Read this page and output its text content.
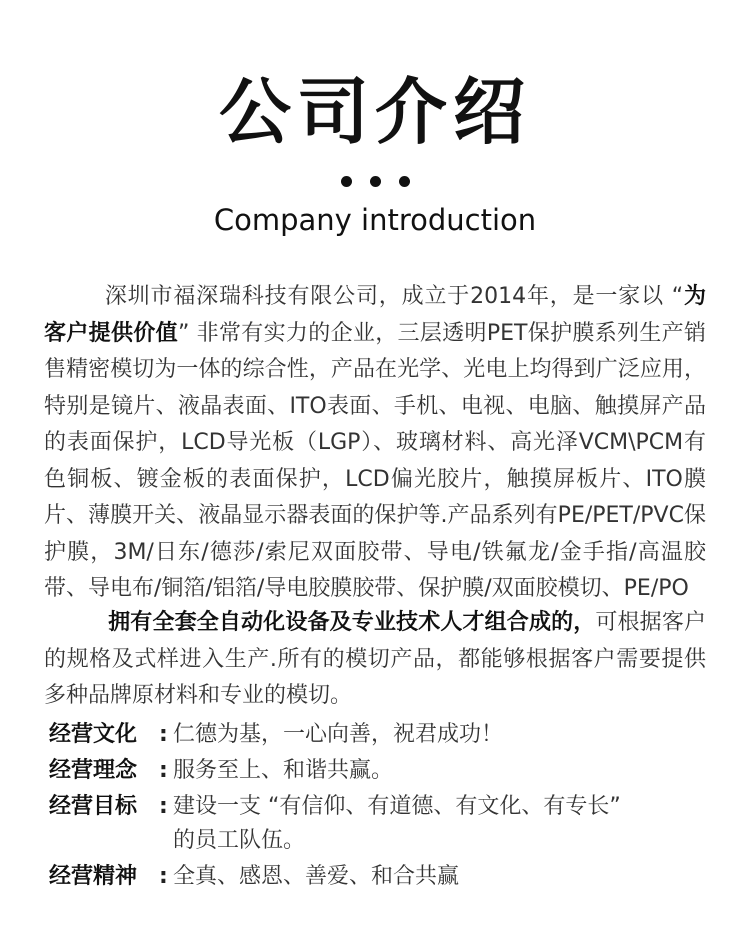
公司介绍
Company introduction
深圳市福深瑞科技有限公司，成立于2014年，是一家以 “为客户提供价值” 非常有实力的企业，三层透明PET保护膜系列生产销售精密模切为一体的综合性，产品在光学、光电上均得到广泛应用，特别是镜片、液晶表面、ITO表面、手机、电视、电脑、触摸屏产品的表面保护，LCD导光板（LGP）、玻璃材料、高光泽VCM\PCM有色铜板、镀金板的表面保护，LCD偏光胶片，触摸屏板片、ITO膜片、薄膜开关、液晶显示器表面的保护等.产品系列有PE/PET/PVC保护膜，3M/日东/德莎/索尼双面胶带、导电/铁氟龙/金手指/高温胶带、导电布/铜箔/铝箔/导电胶膜胶带、保护膜/双面胶模切、PE/PO
拥有全套全自动化设备及专业技术人才组合成的，可根据客户的规格及式样进入生产.所有的模切产品，都能够根据客户需要提供多种品牌原材料和专业的模切。
经营文化 : 仁德为基，一心向善，祝君成功！
经营理念 : 服务至上、和谐共赢。
经营目标 : 建设一支 “有信仰、有道德、有文化、有专长”
的员工队伍。
经营精神 : 全真、感恩、善爱、和合共赢
